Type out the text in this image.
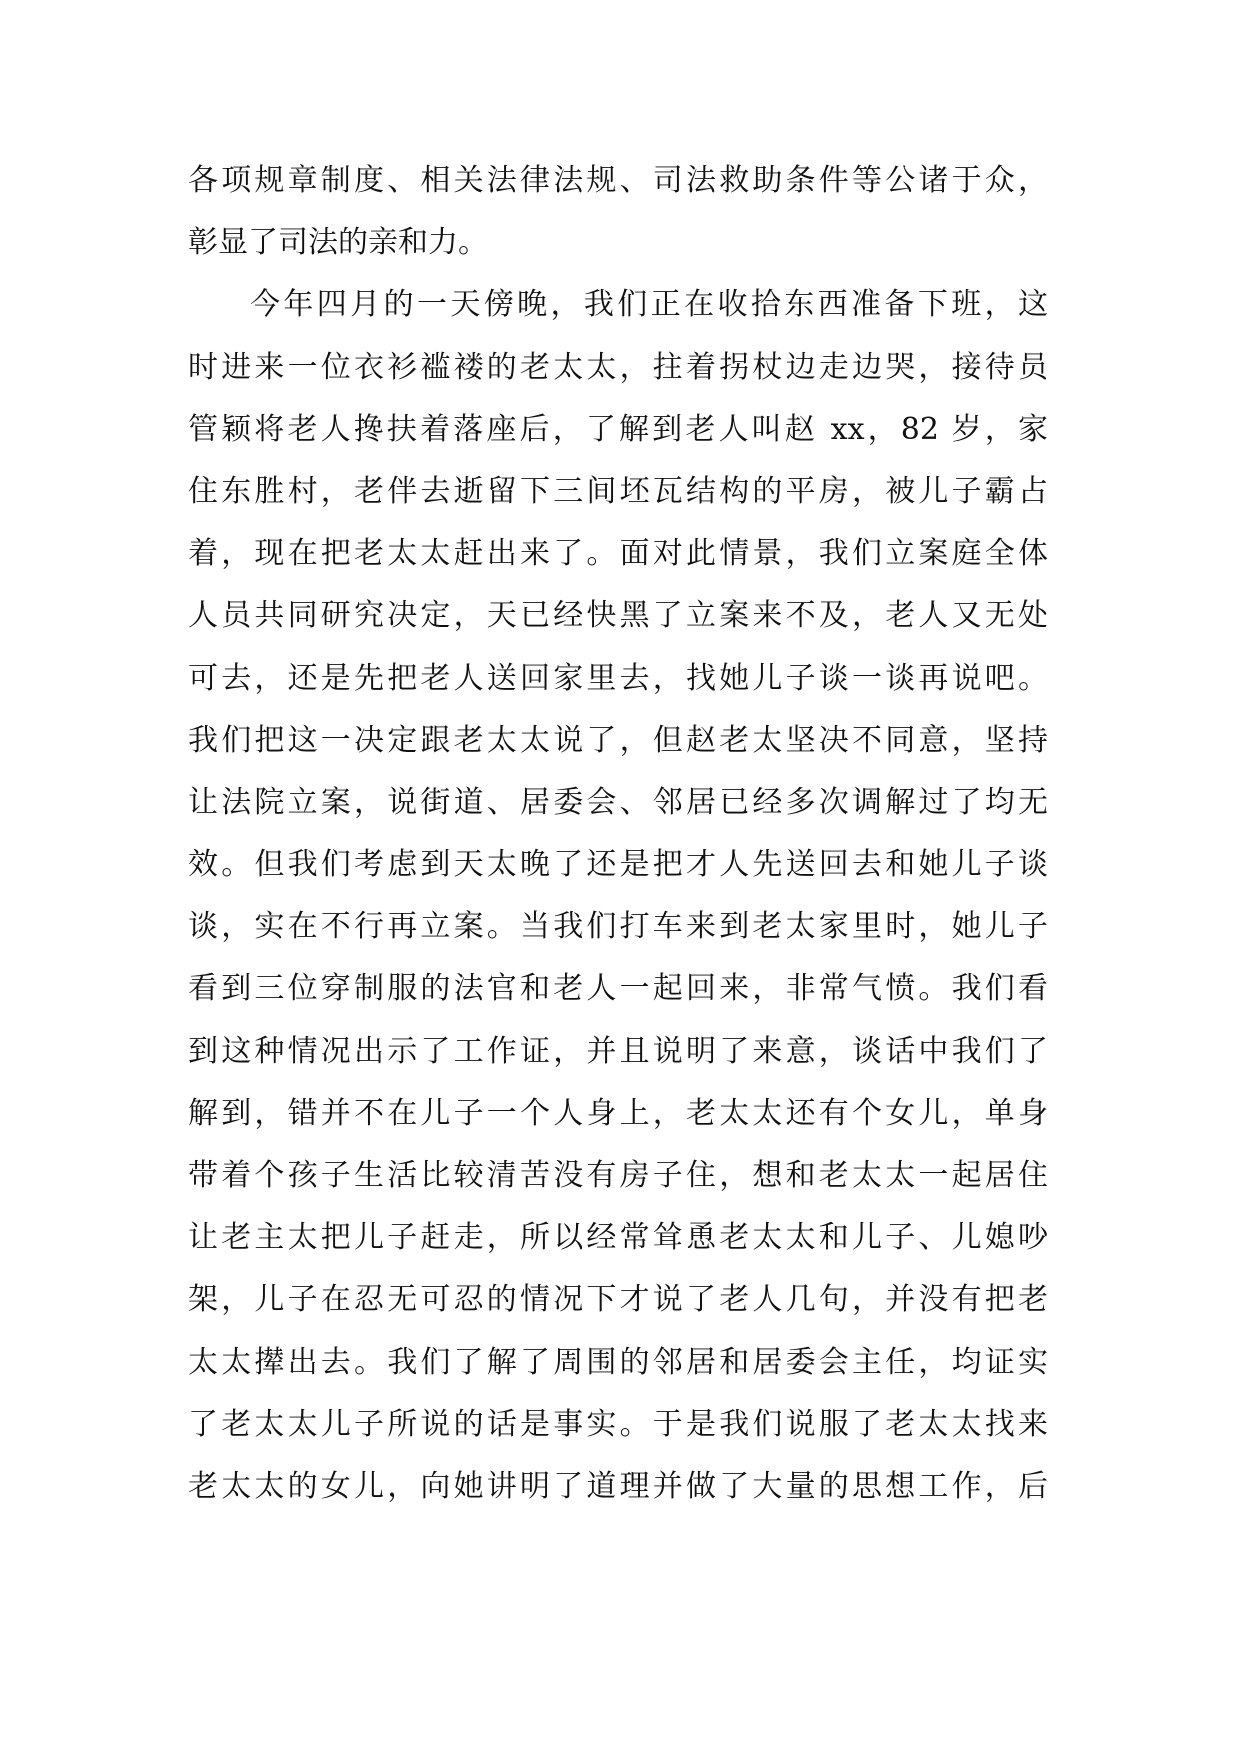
各项规章制度、相关法律法规、司法救助条件等公诸于众，
彰显了司法的亲和力。
今年四月的一天傍晚，我们正在收拾东西准备下班，这
时进来一位衣衫褴褛的老太太，拄着拐杖边走边哭，接待员
管颖将老人搀扶着落座后，了解到老人叫赵 xx，82 岁，家
住东胜村，老伴去逝留下三间坯瓦结构的平房，被儿子霸占
着，现在把老太太赶出来了。面对此情景，我们立案庭全体
人员共同研究决定，天已经快黑了立案来不及，老人又无处
可去，还是先把老人送回家里去，找她儿子谈一谈再说吧。
我们把这一决定跟老太太说了，但赵老太坚决不同意，坚持
让法院立案，说街道、居委会、邻居已经多次调解过了均无
效。但我们考虑到天太晚了还是把才人先送回去和她儿子谈
谈，实在不行再立案。当我们打车来到老太家里时，她儿子
看到三位穿制服的法官和老人一起回来，非常气愤。我们看
到这种情况出示了工作证，并且说明了来意，谈话中我们了
解到，错并不在儿子一个人身上，老太太还有个女儿，单身
带着个孩子生活比较清苦没有房子住，想和老太太一起居住
让老主太把儿子赶走，所以经常耸恿老太太和儿子、儿媳吵
架，儿子在忍无可忍的情况下才说了老人几句，并没有把老
太太撵出去。我们了解了周围的邻居和居委会主任，均证实
了老太太儿子所说的话是事实。于是我们说服了老太太找来
老太太的女儿，向她讲明了道理并做了大量的思想工作，后
